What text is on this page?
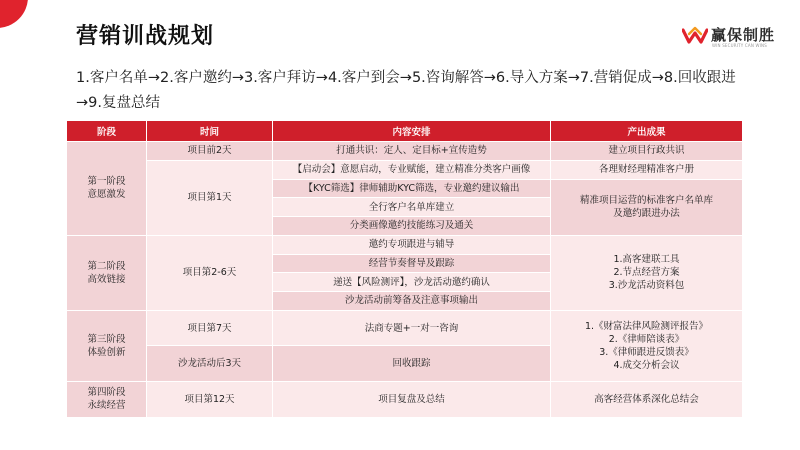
营销训战规划	赢保制胜
WIN SECURITY CAN WINS
1.客户名单→2.客户邀约→3.客户拜访→4.客户到会→5.咨询解答→6.导入方案→7.营销促成→8.回收跟进
→9.复盘总结
阶段	时间	内容安排	产出成果
第一阶段
意愿激发	项目前2天	打通共识：定人、定目标+宣传造势	建立项目行政共识
	项目第1天	【启动会】意愿启动，专业赋能，建立精准分类客户画像	各理财经理精准客户册
		【KYC筛选】律师辅助KYC筛选，专业邀约建议输出	精准项目运营的标准客户名单库
及邀约跟进办法
		全行客户名单库建立	
		分类画像邀约技能练习及通关	
第二阶段
高效链接	项目第2-6天	邀约专项跟进与辅导	1.高客建联工具
2.节点经营方案
3.沙龙活动资料包
		经营节奏督导及跟踪	
		递送【风险测评】，沙龙活动邀约确认	
		沙龙活动前筹备及注意事项输出	
第三阶段
体验创新	项目第7天	法商专题+一对一咨询	1.《财富法律风险测评报告》
2.《律师陪谈表》
3.《律师跟进反馈表》
4.成交分析会议
	沙龙活动后3天	回收跟踪	
第四阶段
永续经营	项目第12天	项目复盘及总结	高客经营体系深化总结会
